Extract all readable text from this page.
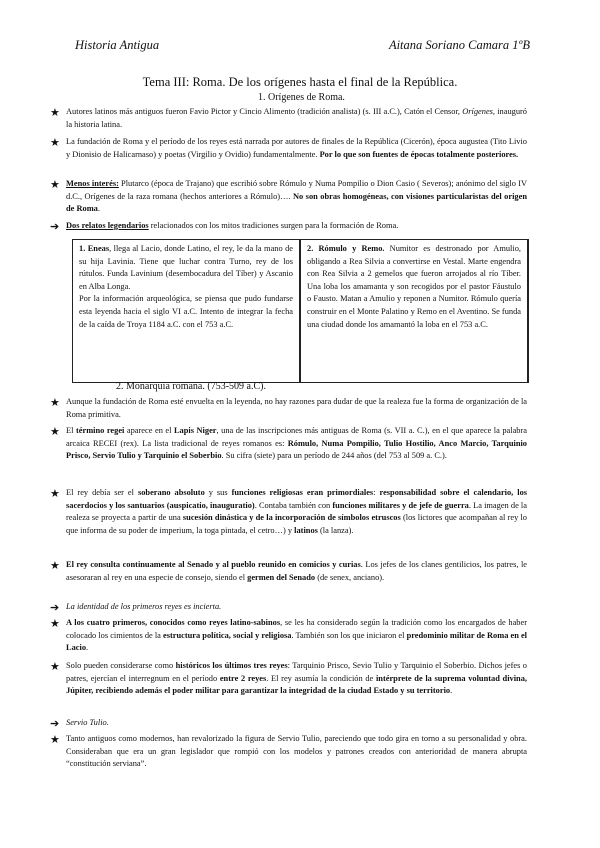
Historia Antigua	Aitana Soriano Camara 1ºB
Tema III: Roma. De los orígenes hasta el final de la República.
1. Orígenes de Roma.
★ Autores latinos más antiguos fueron Favio Pictor y Cincio Alimento (tradición analista) (s. III a.C.), Catón el Censor, Orígenes, inauguró la historia latina.
★ La fundación de Roma y el período de los reyes está narrada por autores de finales de la República (Cicerón), época augustea (Tito Livio y Dionisio de Halicarnaso) y poetas (Virgilio y Ovidio) fundamentalmente. Por lo que son fuentes de épocas totalmente posteriores.
★ Menos interés: Plutarco (época de Trajano) que escribió sobre Rómulo y Numa Pompilio o Dion Casio ( Severos); anónimo del siglo IV d.C., Orígenes de la raza romana (hechos anteriores a Rómulo)…. No son obras homogéneas, con visiones particularistas del origen de Roma.
➔ Dos relatos legendarios relacionados con los mitos tradiciones surgen para la formación de Roma.
1. Eneas, llega al Lacio, donde Latino, el rey, le da la mano de su hija Lavinia. Tiene que luchar contra Turno, rey de los rútulos. Funda Lavinium (desembocadura del Tíber) y Ascanio en Alba Longa.
Por la información arqueológica, se piensa que pudo fundarse esta leyenda hacia el siglo VI a.C. Intento de integrar la fecha de la caída de Troya 1184 a.C. con el 753 a.C.
2. Rómulo y Remo. Numitor es destronado por Amulio, obligando a Rea Silvia a convertirse en Vestal. Marte engendra con Rea Silvia a 2 gemelos que fueron arrojados al río Tíber. Una loba los amamanta y son recogidos por el pastor Fáustulo o Fausto. Matan a Amulio y reponen a Numitor. Rómulo quería construir en el Monte Palatino y Remo en el Aventino. Se funda una ciudad donde los amamantó la loba en el 753 a.C.
2. Monarquía romana. (753-509 a.C).
★ Aunque la fundación de Roma esté envuelta en la leyenda, no hay razones para dudar de que la realeza fue la forma de organización de la Roma primitiva.
★ El término regei aparece en el Lapis Niger, una de las inscripciones más antiguas de Roma (s. VII a. C.), en el que aparece la palabra arcaica RECEI (rex). La lista tradicional de reyes romanos es: Rómulo, Numa Pompilio, Tulio Hostilio, Anco Marcio, Tarquinio Prisco, Servio Tulio y Tarquinio el Soberbio. Su cifra (siete) para un período de 244 años (del 753 al 509 a. C.).
★ El rey debía ser el soberano absoluto y sus funciones religiosas eran primordiales: responsabilidad sobre el calendario, los sacerdocios y los santuarios (auspicatio, inauguratio). Contaba también con funciones militares y de jefe de guerra. La imagen de la realeza se proyecta a partir de una sucesión dinástica y de la incorporación de símbolos etruscos (los lictores que acompañan al rey lo que informa de su poder de imperium, la toga pintada, el cetro…) y latinos (la lanza).
★ El rey consulta continuamente al Senado y al pueblo reunido en comicios y curias. Los jefes de los clanes gentilicios, los patres, le asesoraran al rey en una especie de consejo, siendo el germen del Senado (de senex, anciano).
➔ La identidad de los primeros reyes es incierta.
★ A los cuatro primeros, conocidos como reyes latino-sabinos, se les ha considerado según la tradición como los encargados de haber colocado los cimientos de la estructura política, social y religiosa. También son los que iniciaron el predominio militar de Roma en el Lacio.
★ Solo pueden considerarse como históricos los últimos tres reyes: Tarquinio Prisco, Sevio Tulio y Tarquinio el Soberbio. Dichos jefes o patres, ejercían el interregnum en el período entre 2 reyes. El rey asumía la condición de intérprete de la suprema voluntad divina, Júpiter, recibiendo además el poder militar para garantizar la integridad de la ciudad Estado y su territorio.
➔ Servio Tulio.
★ Tanto antiguos como modernos, han revalorizado la figura de Servio Tulio, pareciendo que todo gira en torno a su personalidad y obra. Consideraban que era un gran legislador que rompió con los modelos y patrones creados con anterioridad de manera abrupta “constitución serviana”.
